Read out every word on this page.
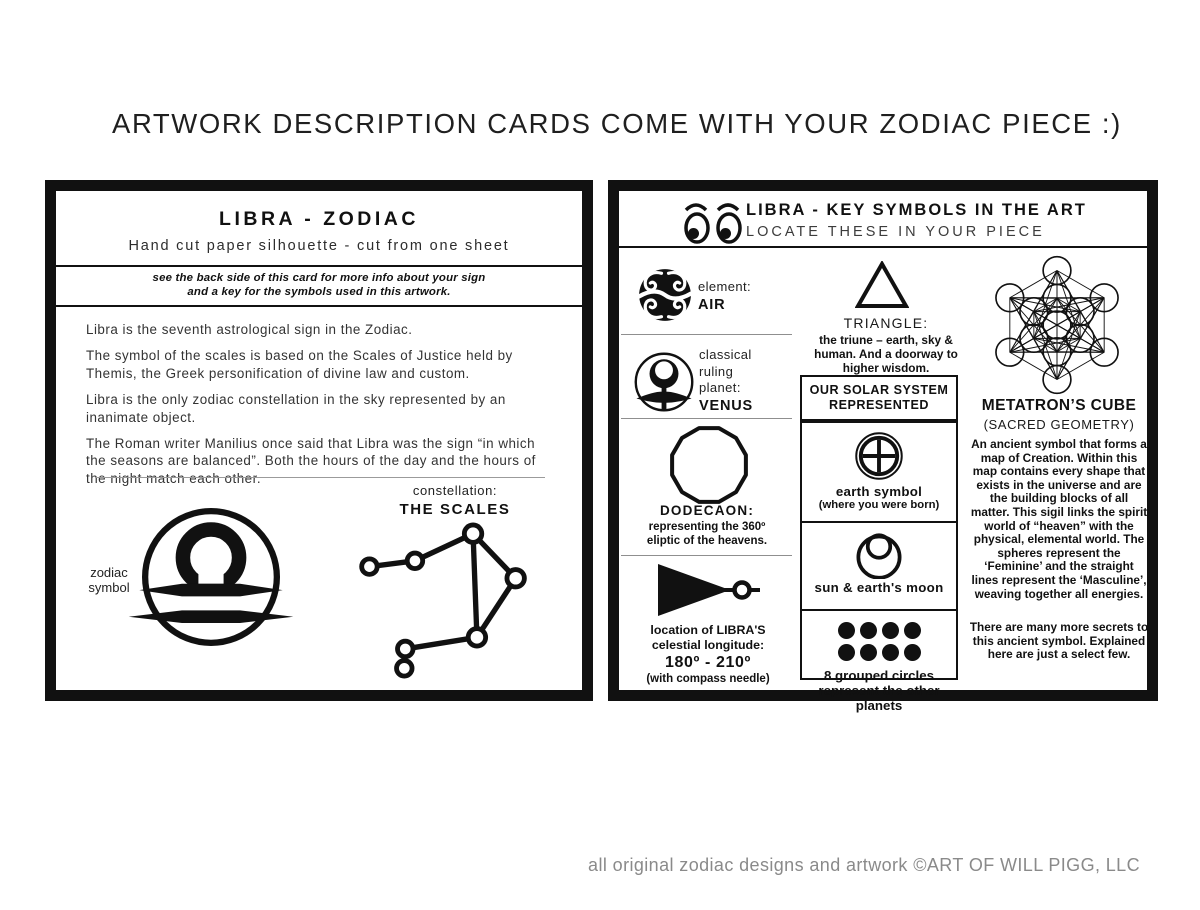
ARTWORK DESCRIPTION CARDS COME WITH YOUR ZODIAC PIECE :)
LIBRA - ZODIAC
Hand cut paper silhouette - cut from one sheet
see the back side of this card for more info about your sign and a key for the symbols used in this artwork.

Libra is the seventh astrological sign in the Zodiac.

The symbol of the scales is based on the Scales of Justice held by Themis, the Greek personification of divine law and custom.

Libra is the only zodiac constellation in the sky represented by an inanimate object.

The Roman writer Manilius once said that Libra was the sign “in which the seasons are balanced”. Both the hours of the day and the hours of the night match each other.

zodiac symbol
constellation:
THE SCALES
LIBRA - KEY SYMBOLS IN THE ART
LOCATE THESE IN YOUR PIECE
element:
AIR
classical ruling planet:
VENUS
DODECAON:
representing the 360º eliptic of the heavens.
location of LIBRA'S
celestial longitude:
180º - 210º
(with compass needle)
TRIANGLE:
the triune – earth, sky & human. And a doorway to higher wisdom.
OUR SOLAR SYSTEM REPRESENTED
earth symbol
(where you were born)
sun & earth's moon
8 grouped circles represent the other planets
METATRON’S CUBE
(SACRED GEOMETRY)
An ancient symbol that forms a map of Creation. Within this map contains every shape that exists in the universe and are the building blocks of all matter. This sigil links the spirit world of “heaven” with the physical, elemental world. The spheres represent the ‘Feminine’ and the straight lines represent the ‘Masculine’, weaving together all energies.
There are many more secrets to this ancient symbol. Explained here are just a select few.
all original zodiac designs and artwork ©ART OF WILL PIGG, LLC
